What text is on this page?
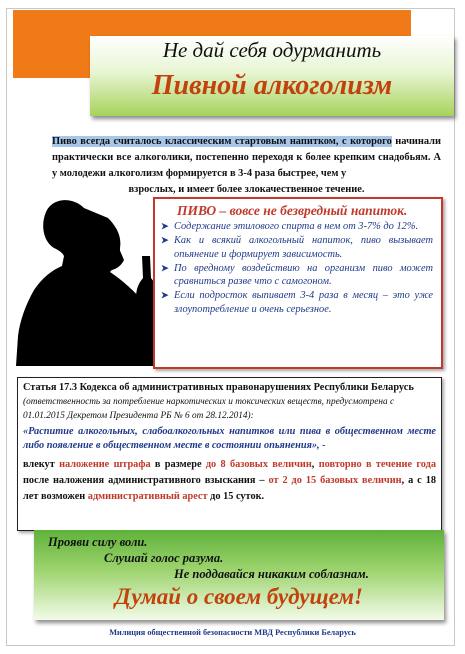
Не дай себя одурманить
Пивной алкоголизм
Пиво всегда считалось классическим стартовым напитком, с которого начинали практически все алкоголики, постепенно переходя к более крепким снадобьям. А у молодежи алкоголизм формируется в 3-4 раза быстрее, чем у
взрослых, и имеет более злокачественное течение.
ПИВО – вовсе не безвредный напиток.
➤ Содержание этилового спирта в нем от 3-7% до 12%.
➤ Как и всякий алкогольный напиток, пиво вызывает опьянение и формирует зависимость.
➤ По вредному воздействию на организм пиво может сравниться разве что с самогоном.
➤ Если подросток выпивает 3-4 раза в месяц – это уже злоупотребление и очень серьезное.
Статья 17.3 Кодекса об административных правонарушениях Республики Беларусь (ответственность за потребление наркотических и токсических веществ, предусмотрена с 01.01.2015 Декретом Президента РБ № 6 от 28.12.2014):
«Распитие алкогольных, слабоалкогольных напитков или пива в общественном месте либо появление в общественном месте в состоянии опьянения», -
влекут наложение штрафа в размере до 8 базовых величин, повторно в течение года после наложения административного взыскания – от 2 до 15 базовых величин, а с 18 лет возможен административный арест до 15 суток.
Прояви силу воли.
Слушай голос разума.
Не поддавайся никаким соблазнам.
Думай о своем будущем!
Милиция общественной безопасности МВД Республики Беларусь
